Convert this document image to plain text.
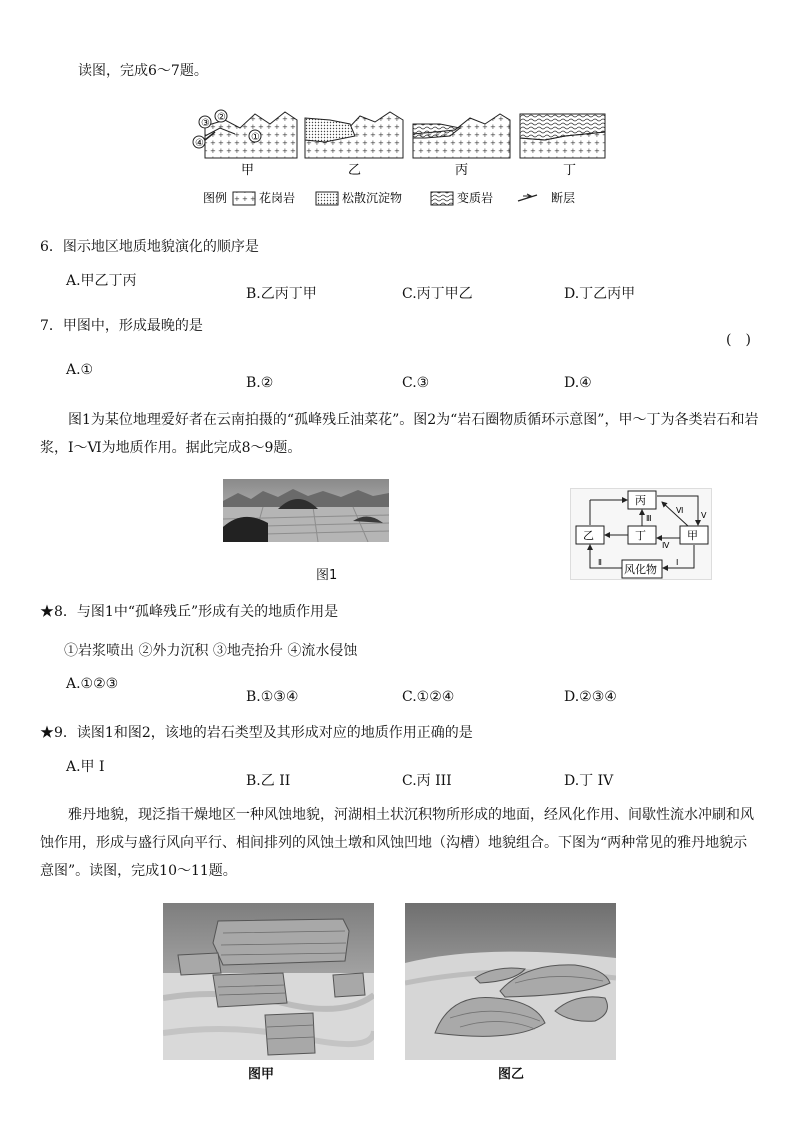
读图，完成6～7题。
③
②
④
①
甲	乙	丙	丁
图例	花岗岩	松散沉淀物	变质岩	断层
6．图示地区地质地貌演化的顺序是
A.甲乙丁丙
B.乙丙丁甲	C.丙丁甲乙	D.丁乙丙甲
7．甲图中，形成最晚的是
(　)
A.①
B.②	C.③	D.④
图1为某位地理爱好者在云南拍摄的“孤峰残丘油菜花”。图2为“岩石圈物质循环示意图”，甲～丁为各类岩石和岩浆，Ⅰ～Ⅵ为地质作用。据此完成8～9题。
图1
丙
乙	丁	甲
风化物
Ⅲ
Ⅵ
Ⅴ
Ⅳ
Ⅱ	Ⅰ
★8．与图1中“孤峰残丘”形成有关的地质作用是
①岩浆喷出 ②外力沉积 ③地壳抬升 ④流水侵蚀
A.①②③
B.①③④	C.①②④	D.②③④
★9．读图1和图2，该地的岩石类型及其形成对应的地质作用正确的是
A.甲 I
B.乙 II	C.丙 III	D.丁 IV
雅丹地貌，现泛指干燥地区一种风蚀地貌，河湖相土状沉积物所形成的地面，经风化作用、间歇性流水冲刷和风蚀作用，形成与盛行风向平行、相间排列的风蚀土墩和风蚀凹地（沟槽）地貌组合。下图为“两种常见的雅丹地貌示意图”。读图，完成10～11题。
图甲	图乙
